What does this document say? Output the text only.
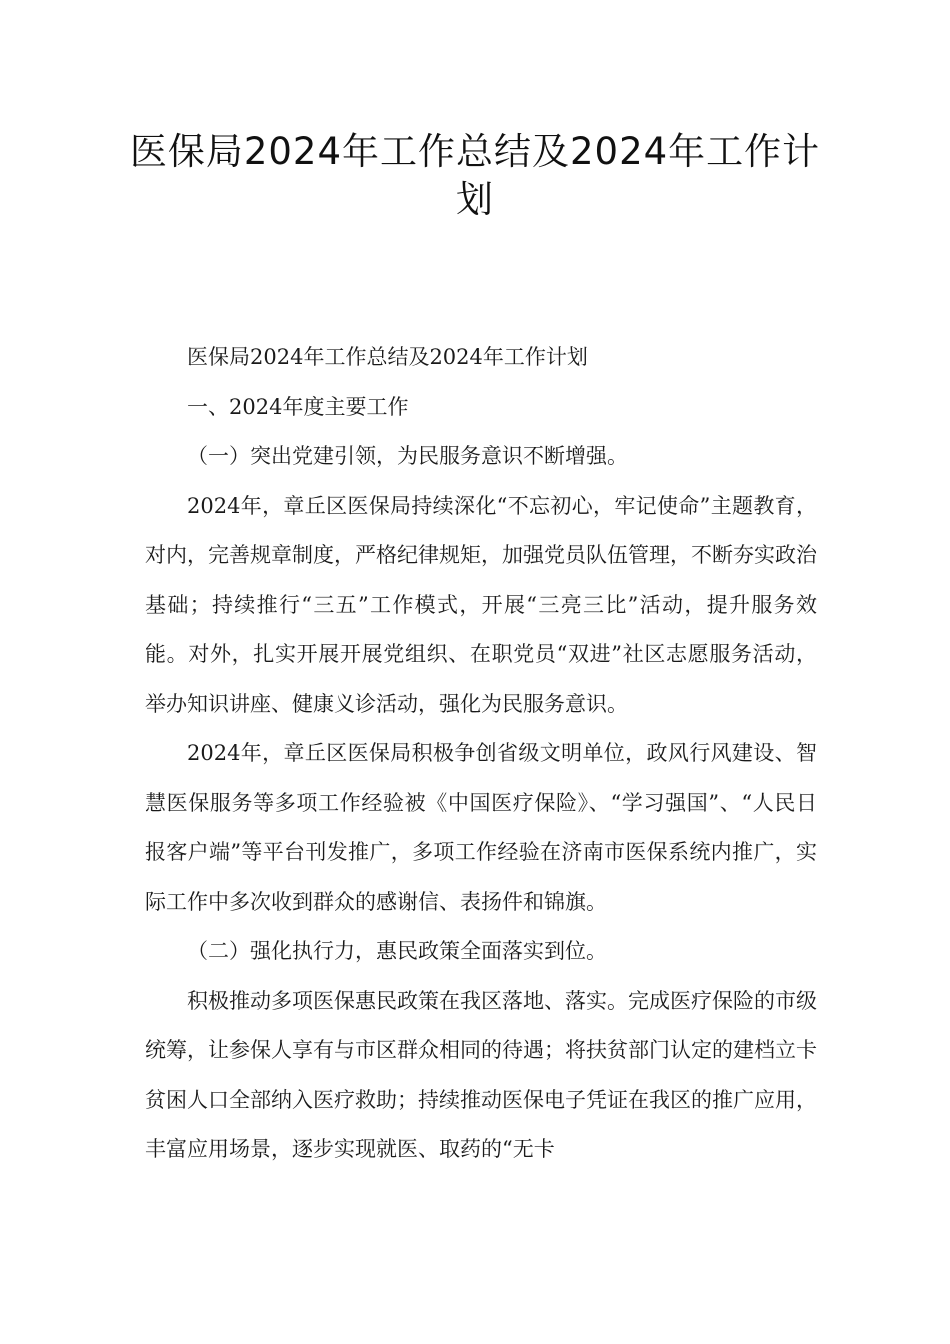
医保局2024年工作总结及2024年工作计划

医保局2024年工作总结及2024年工作计划

一、2024年度主要工作

（一）突出党建引领，为民服务意识不断增强。

2024年，章丘区医保局持续深化“不忘初心，牢记使命”主题教育，对内，完善规章制度，严格纪律规矩，加强党员队伍管理，不断夯实政治基础；持续推行“三五”工作模式，开展“三亮三比”活动，提升服务效能。对外，扎实开展开展党组织、在职党员“双进”社区志愿服务活动，举办知识讲座、健康义诊活动，强化为民服务意识。

2024年，章丘区医保局积极争创省级文明单位，政风行风建设、智慧医保服务等多项工作经验被《中国医疗保险》、“学习强国”、“人民日报客户端”等平台刊发推广，多项工作经验在济南市医保系统内推广，实际工作中多次收到群众的感谢信、表扬件和锦旗。

（二）强化执行力，惠民政策全面落实到位。

积极推动多项医保惠民政策在我区落地、落实。完成医疗保险的市级统筹，让参保人享有与市区群众相同的待遇；将扶贫部门认定的建档立卡贫困人口全部纳入医疗救助；持续推动医保电子凭证在我区的推广应用，丰富应用场景，逐步实现就医、取药的“无卡
